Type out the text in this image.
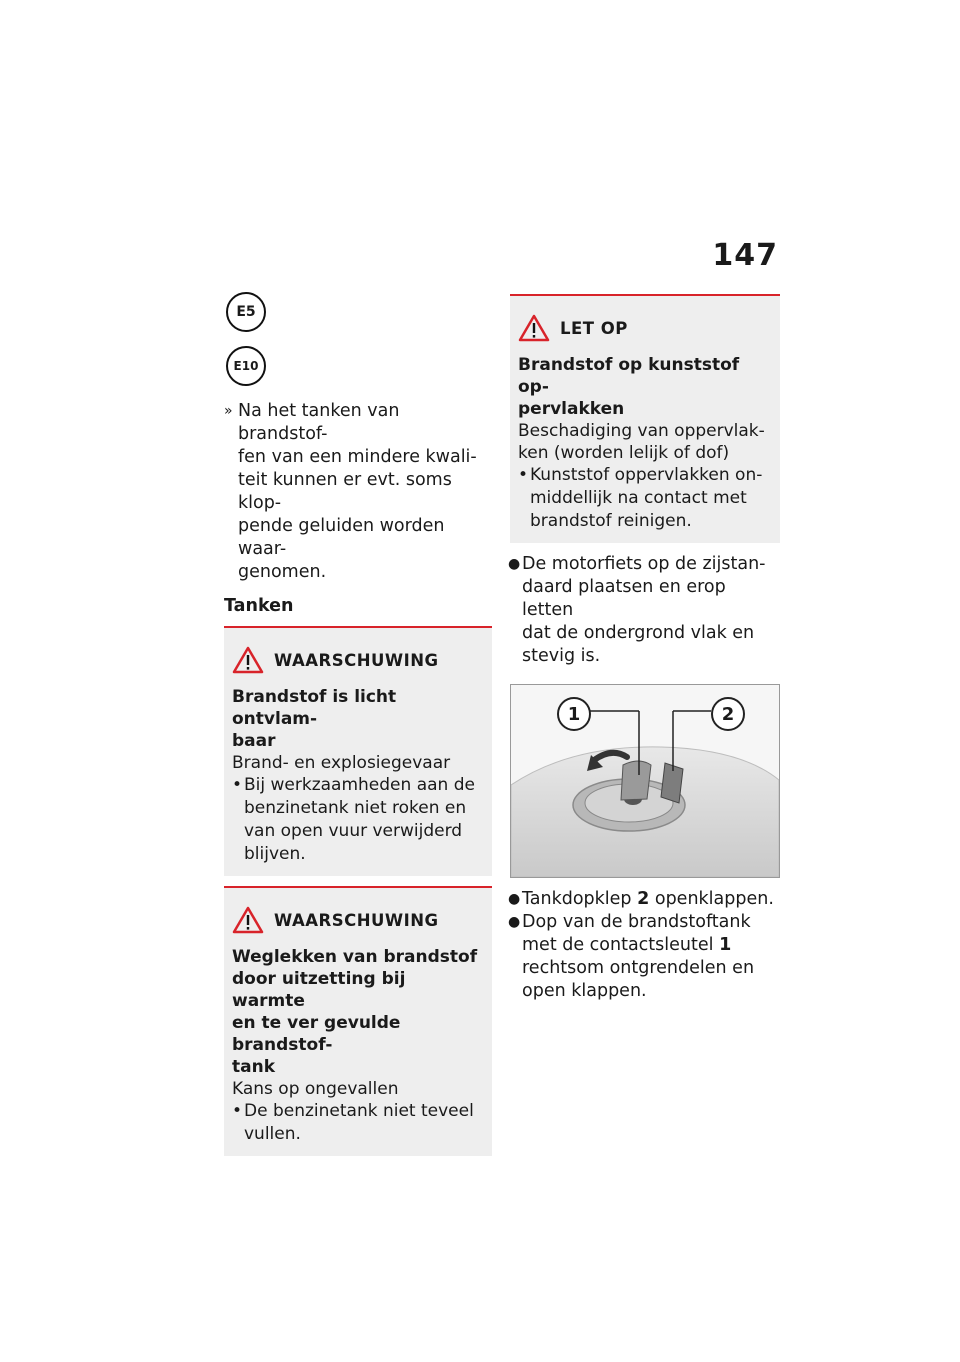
147
E5
E10
» Na het tanken van brandstof-
fen van een mindere kwali-
teit kunnen er evt. soms klop-
pende geluiden worden waar-
genomen.
Tanken
WAARSCHUWING
Brandstof is licht ontvlam-
baar
Brand- en explosiegevaar
• Bij werkzaamheden aan de
benzinetank niet roken en
van open vuur verwijderd
blijven.
WAARSCHUWING
Weglekken van brandstof
door uitzetting bij warmte
en te ver gevulde brandstof-
tank
Kans op ongevallen
• De benzinetank niet teveel
vullen.
LET OP
Brandstof op kunststof op-
pervlakken
Beschadiging van oppervlak-
ken (worden lelijk of dof)
• Kunststof oppervlakken on-
middellijk na contact met
brandstof reinigen.
● De motorfiets op de zijstan-
daard plaatsen en erop letten
dat de ondergrond vlak en
stevig is.
1	2
● Tankdopklep 2 openklappen.
● Dop van de brandstoftank
met de contactsleutel 1
rechtsom ontgrendelen en
open klappen.
